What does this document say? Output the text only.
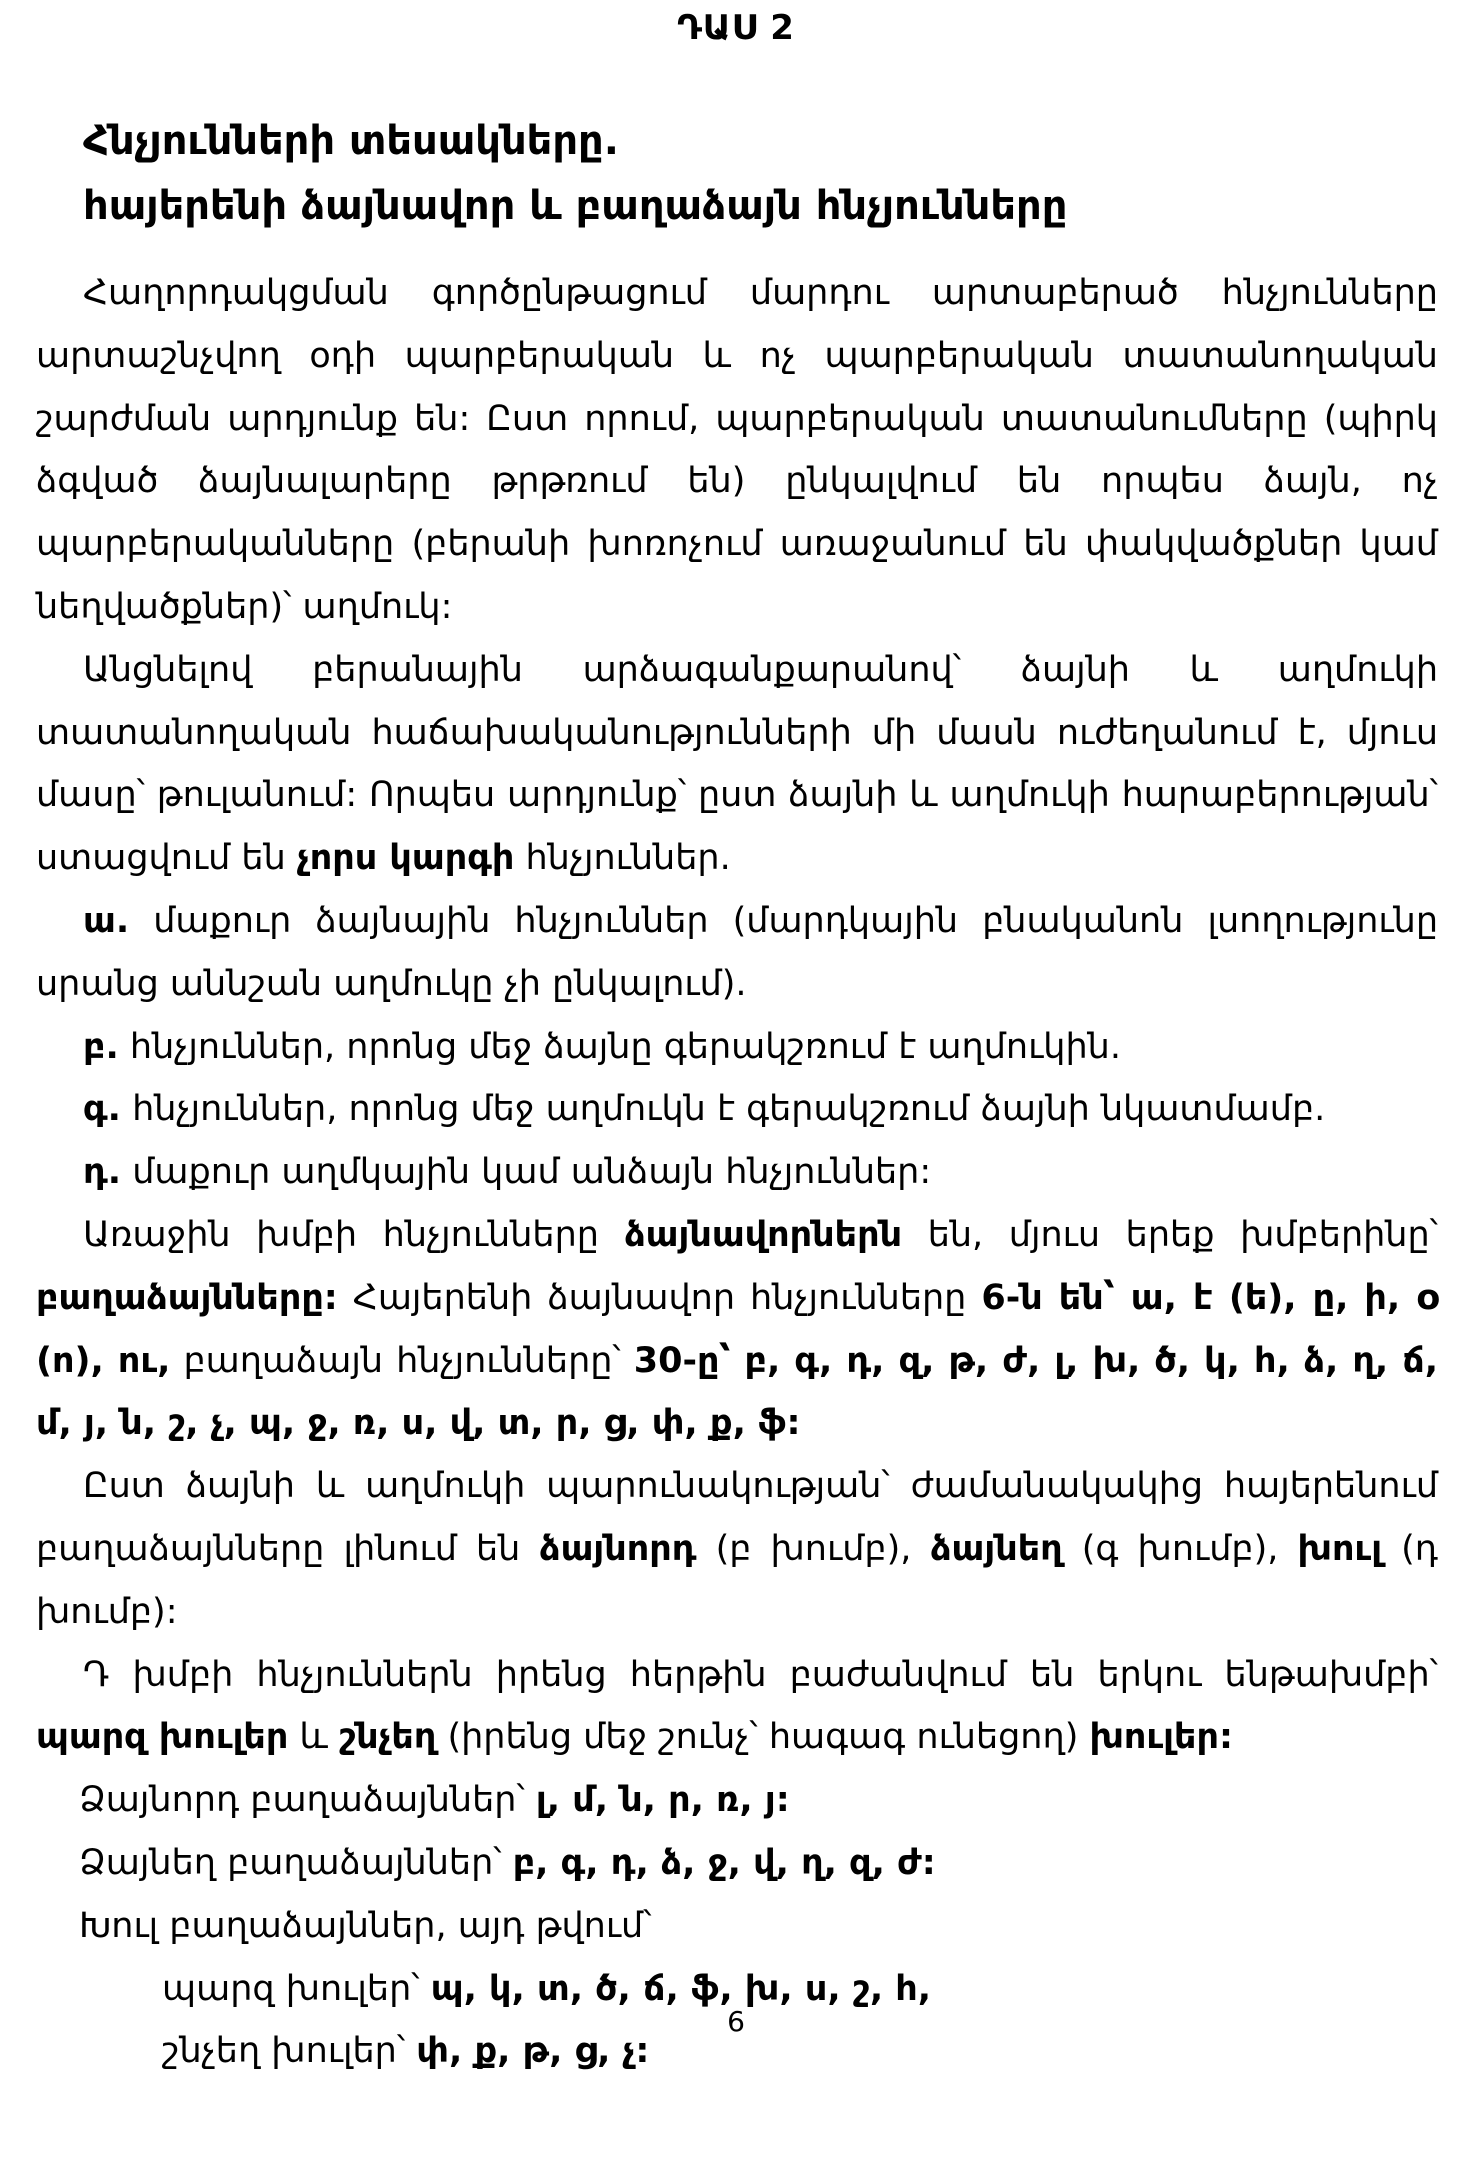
ԴԱՍ 2
Հնչյունների տեսակները.
հայերենի ձայնավոր և բաղաձայն հնչյունները

Հաղորդակցման գործընթացում մարդու արտաբերած հնչյունները արտաշնչվող օդի պարբերական և ոչ պարբերական տատանողական շարժման արդյունք են: Ըստ որում, պարբերական տատանումները (պիրկ ձգված ձայնալարերը թրթռում են) ընկալվում են որպես ձայն, ոչ պարբերականները (բերանի խոռոչում առաջանում են փակվածքներ կամ նեղվածքներ)՝ աղմուկ:

Անցնելով բերանային արձագանքարանով՝ ձայնի և աղմուկի տատանողական հաճախականությունների մի մասն ուժեղանում է, մյուս մասը՝ թուլանում: Որպես արդյունք՝ ըստ ձայնի և աղմուկի հարաբերության՝ ստացվում են չորս կարգի հնչյուններ.

ա. մաքուր ձայնային հնչյուններ (մարդկային բնականոն լսողությունը սրանց աննշան աղմուկը չի ընկալում).

բ. հնչյուններ, որոնց մեջ ձայնը գերակշռում է աղմուկին.

գ. հնչյուններ, որոնց մեջ աղմուկն է գերակշռում ձայնի նկատմամբ.

դ. մաքուր աղմկային կամ անձայն հնչյուններ:

Առաջին խմբի հնչյունները ձայնավորներն են, մյուս երեք խմբերինը՝ բաղաձայնները: Հայերենի ձայնավոր հնչյունները 6-ն են՝ ա, է (ե), ը, ի, օ (ո), ու, բաղաձայն հնչյունները՝ 30-ը՝ բ, գ, դ, զ, թ, ժ, լ, խ, ծ, կ, հ, ձ, ղ, ճ, մ, յ, ն, շ, չ, պ, ջ, ռ, ս, վ, տ, ր, ց, փ, ք, ֆ:

Ըստ ձայնի և աղմուկի պարունակության՝ ժամանակակից հայերենում բաղաձայնները լինում են ձայնորդ (բ խումբ), ձայնեղ (գ խումբ), խուլ (դ խումբ):

Դ խմբի հնչյուններն իրենց հերթին բաժանվում են երկու ենթախմբի՝ պարզ խուլեր և շնչեղ (իրենց մեջ շունչ՝ հագագ ունեցող) խուլեր:

Ձայնորդ բաղաձայններ՝ լ, մ, ն, ր, ռ, յ:

Ձայնեղ բաղաձայններ՝ բ, գ, դ, ձ, ջ, վ, ղ, զ, ժ:

Խուլ բաղաձայններ, այդ թվում՝

պարզ խուլեր՝ պ, կ, տ, ծ, ճ, ֆ, խ, ս, շ, հ,

շնչեղ խուլեր՝ փ, ք, թ, ց, չ:

6
